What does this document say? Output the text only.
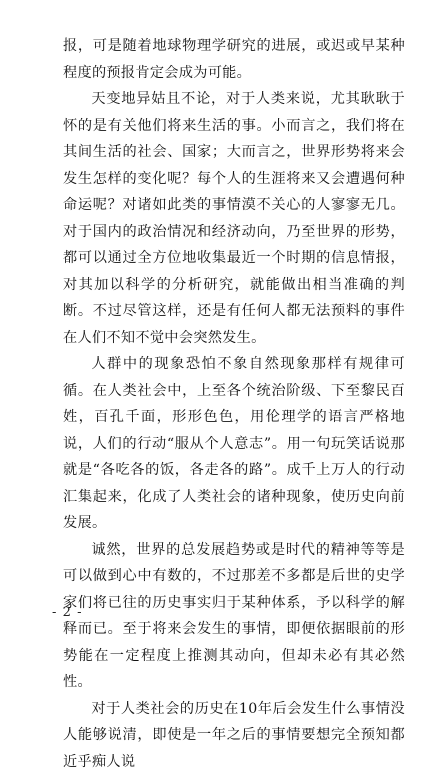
报，可是随着地球物理学研究的进展，或迟或早某种程度的预报肯定会成为可能。

天变地异姑且不论，对于人类来说，尤其耿耿于怀的是有关他们将来生活的事。小而言之，我们将在其间生活的社会、国家；大而言之，世界形势将来会发生怎样的变化呢？每个人的生涯将来又会遭遇何种命运呢？对诸如此类的事情漠不关心的人寥寥无几。对于国内的政治情况和经济动向，乃至世界的形势，都可以通过全方位地收集最近一个时期的信息情报，对其加以科学的分析研究，就能做出相当准确的判断。不过尽管这样，还是有任何人都无法预料的事件在人们不知不觉中会突然发生。

人群中的现象恐怕不象自然现象那样有规律可循。在人类社会中，上至各个统治阶级、下至黎民百姓，百孔千面，形形色色，用伦理学的语言严格地说，人们的行动“服从个人意志”。用一句玩笑话说那就是“各吃各的饭，各走各的路”。成千上万人的行动汇集起来，化成了人类社会的诸种现象，使历史向前发展。

诚然，世界的总发展趋势或是时代的精神等等是可以做到心中有数的，不过那差不多都是后世的史学家们将已往的历史事实归于某种体系，予以科学的解释而已。至于将来会发生的事情，即便依据眼前的形势能在一定程度上推测其动向，但却未必有其必然性。

对于人类社会的历史在10年后会发生什么事情没人能够说清，即使是一年之后的事情要想完全预知都近乎痴人说

- 2 -
